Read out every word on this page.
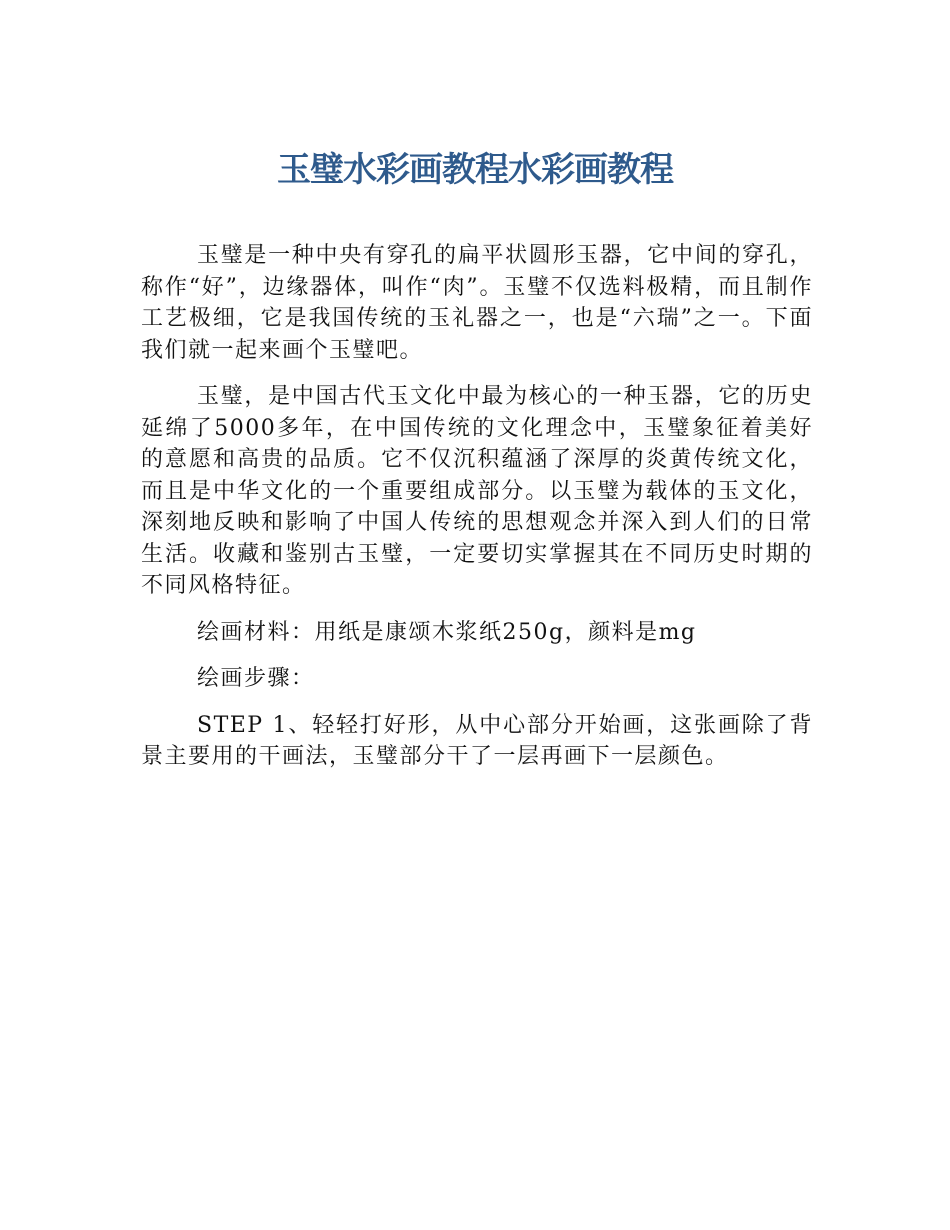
玉璧水彩画教程水彩画教程

玉璧是一种中央有穿孔的扁平状圆形玉器，它中间的穿孔，称作“好”，边缘器体，叫作“肉”。玉璧不仅选料极精，而且制作工艺极细，它是我国传统的玉礼器之一，也是“六瑞”之一。下面我们就一起来画个玉璧吧。

玉璧，是中国古代玉文化中最为核心的一种玉器，它的历史延绵了5000多年，在中国传统的文化理念中，玉璧象征着美好的意愿和高贵的品质。它不仅沉积蕴涵了深厚的炎黄传统文化，而且是中华文化的一个重要组成部分。以玉璧为载体的玉文化，深刻地反映和影响了中国人传统的思想观念并深入到人们的日常生活。收藏和鉴别古玉璧，一定要切实掌握其在不同历史时期的不同风格特征。

绘画材料：用纸是康颂木浆纸250g，颜料是mg

绘画步骤：

STEP 1、轻轻打好形，从中心部分开始画，这张画除了背景主要用的干画法，玉璧部分干了一层再画下一层颜色。
